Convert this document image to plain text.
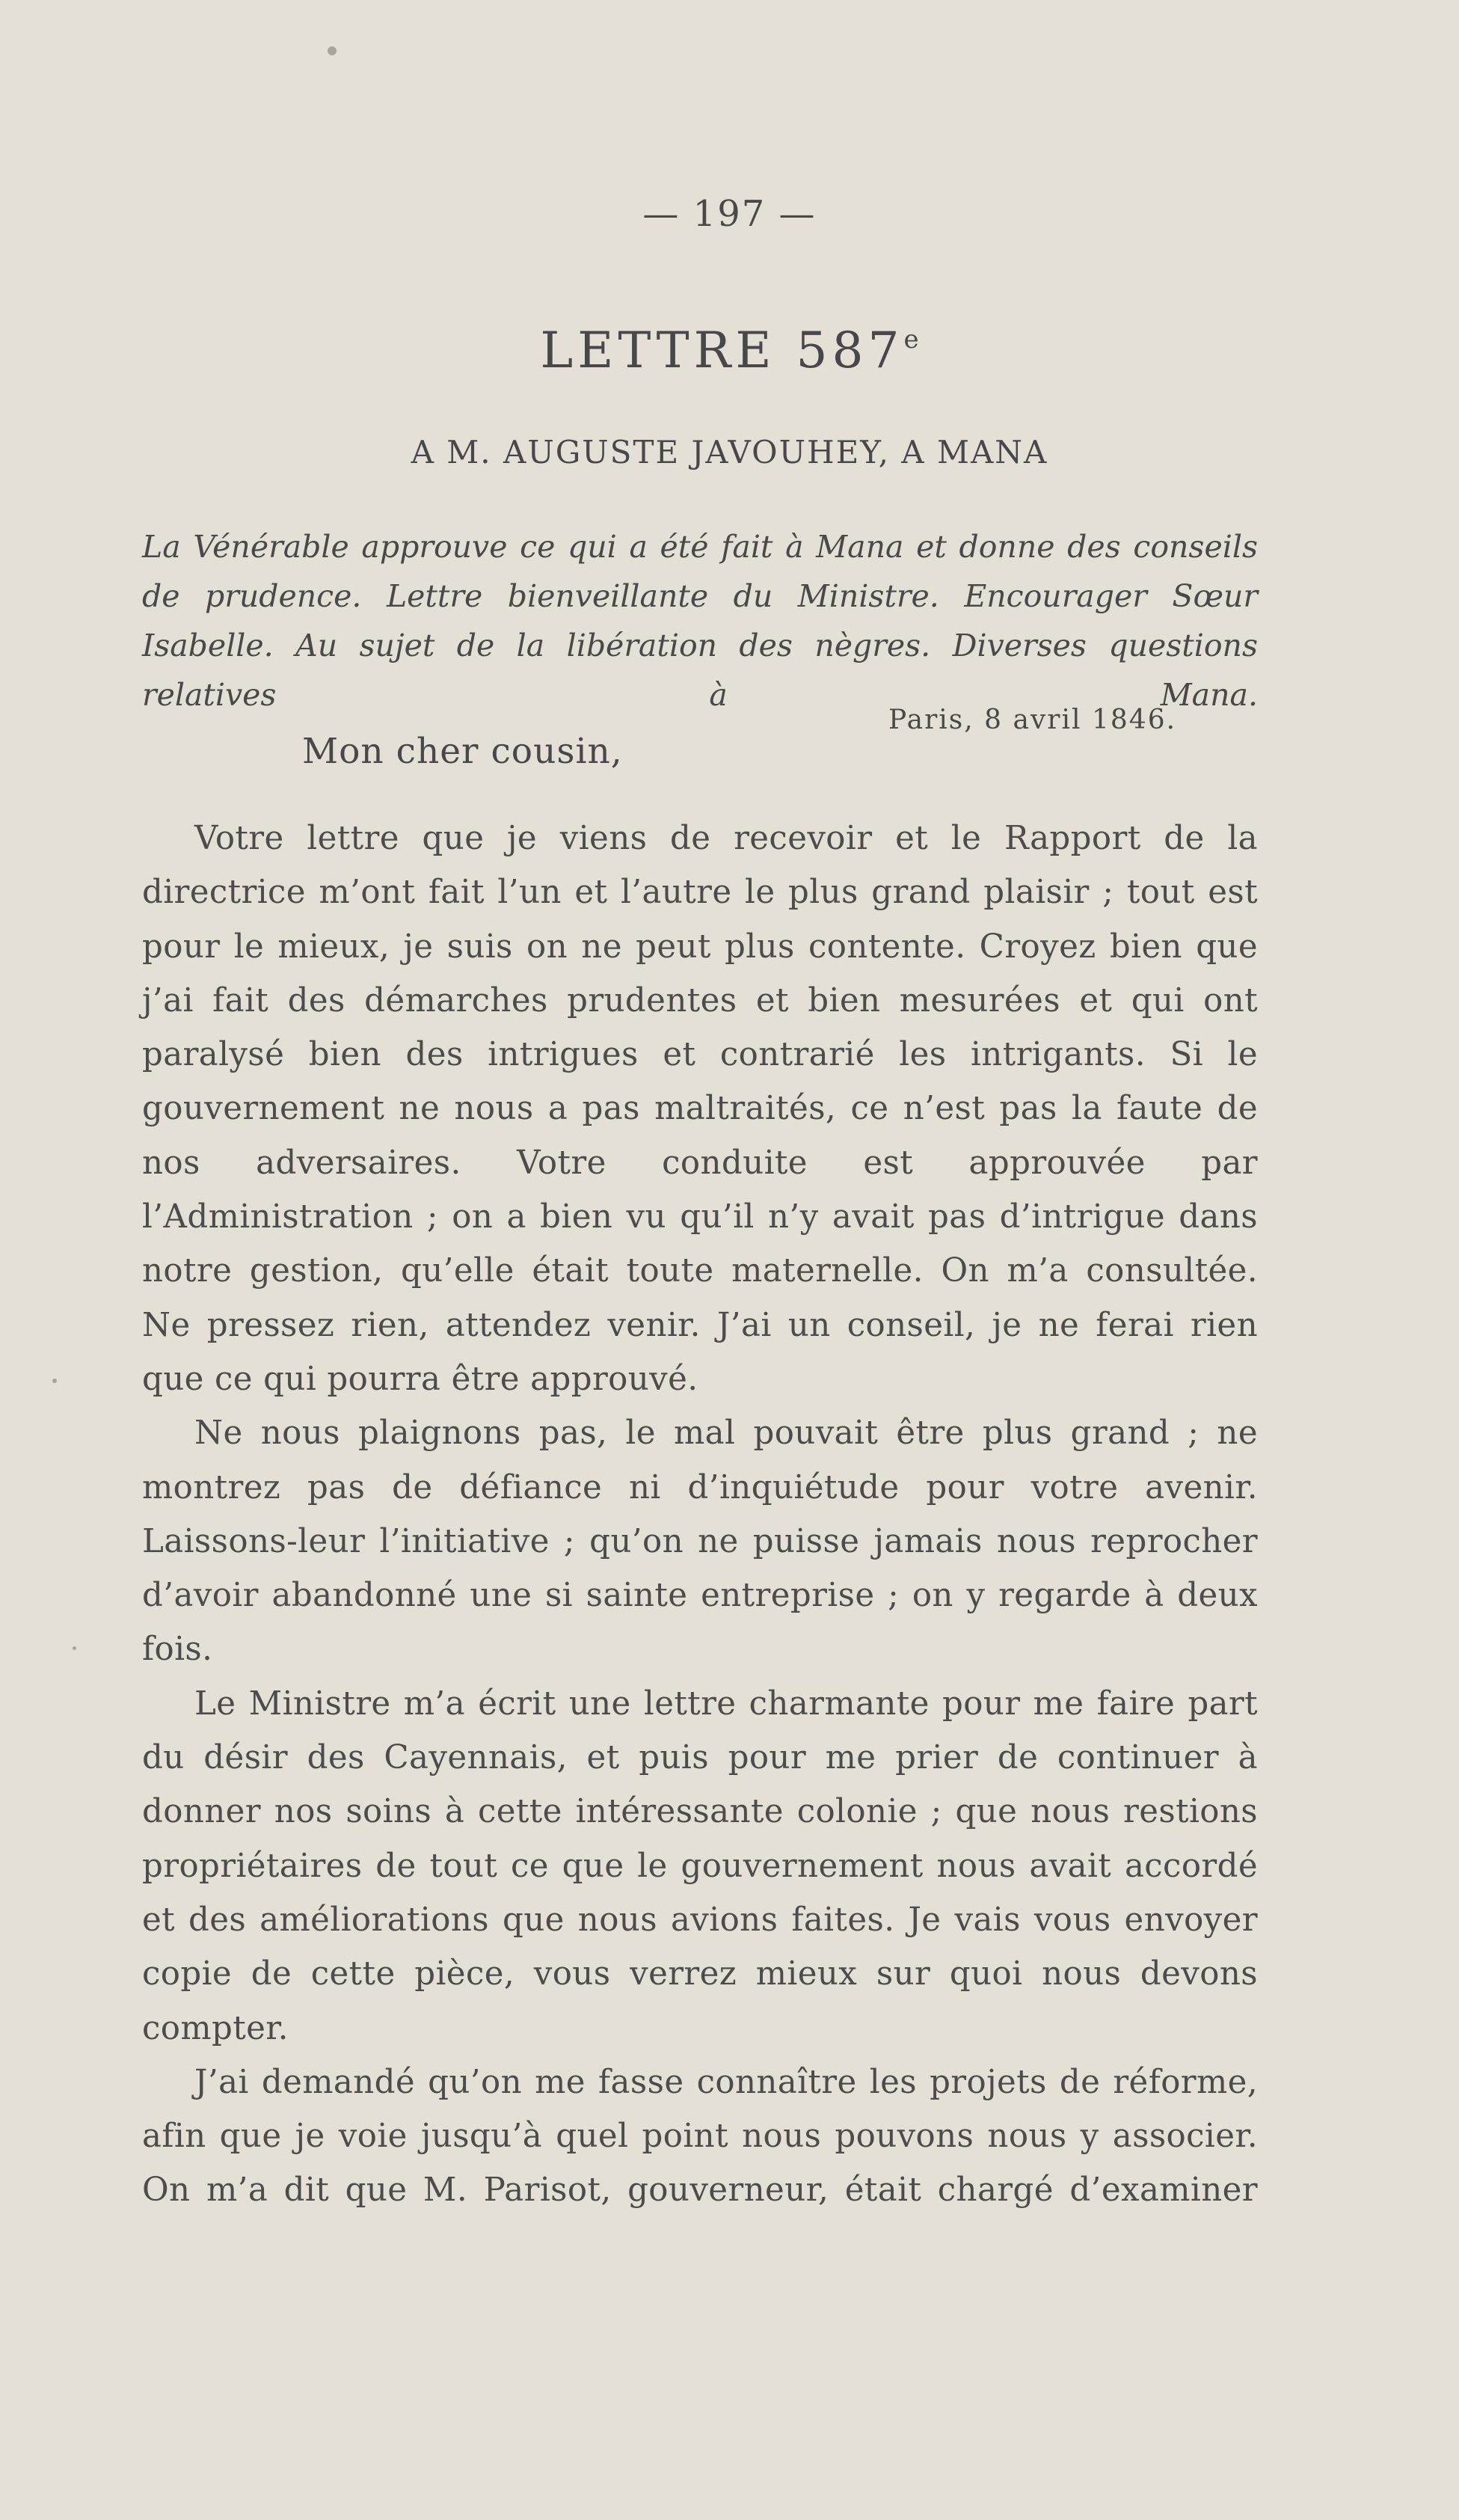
— 197 —
LETTRE 587e
A M. AUGUSTE JAVOUHEY, A MANA
La Vénérable approuve ce qui a été fait à Mana et donne des conseils de prudence. Lettre bienveillante du Ministre. Encourager Sœur Isabelle. Au sujet de la libération des nègres. Diverses questions relatives à Mana.
Paris, 8 avril 1846.
Mon cher cousin,

Votre lettre que je viens de recevoir et le Rapport de la directrice m’ont fait l’un et l’autre le plus grand plaisir ; tout est pour le mieux, je suis on ne peut plus contente. Croyez bien que j’ai fait des démarches prudentes et bien mesurées et qui ont paralysé bien des intrigues et contrarié les intrigants. Si le gouvernement ne nous a pas maltraités, ce n’est pas la faute de nos adversaires. Votre conduite est approuvée par l’Administration ; on a bien vu qu’il n’y avait pas d’intrigue dans notre gestion, qu’elle était toute maternelle. On m’a consultée. Ne pressez rien, attendez venir. J’ai un conseil, je ne ferai rien que ce qui pourra être approuvé.

Ne nous plaignons pas, le mal pouvait être plus grand ; ne montrez pas de défiance ni d’inquiétude pour votre avenir. Laissons-leur l’initiative ; qu’on ne puisse jamais nous reprocher d’avoir abandonné une si sainte entreprise ; on y regarde à deux fois.

Le Ministre m’a écrit une lettre charmante pour me faire part du désir des Cayennais, et puis pour me prier de continuer à donner nos soins à cette intéressante colonie ; que nous restions propriétaires de tout ce que le gouvernement nous avait accordé et des améliorations que nous avions faites. Je vais vous envoyer copie de cette pièce, vous verrez mieux sur quoi nous devons compter.

J’ai demandé qu’on me fasse connaître les projets de réforme, afin que je voie jusqu’à quel point nous pouvons nous y associer. On m’a dit que M. Parisot, gouverneur, était chargé d’examiner
